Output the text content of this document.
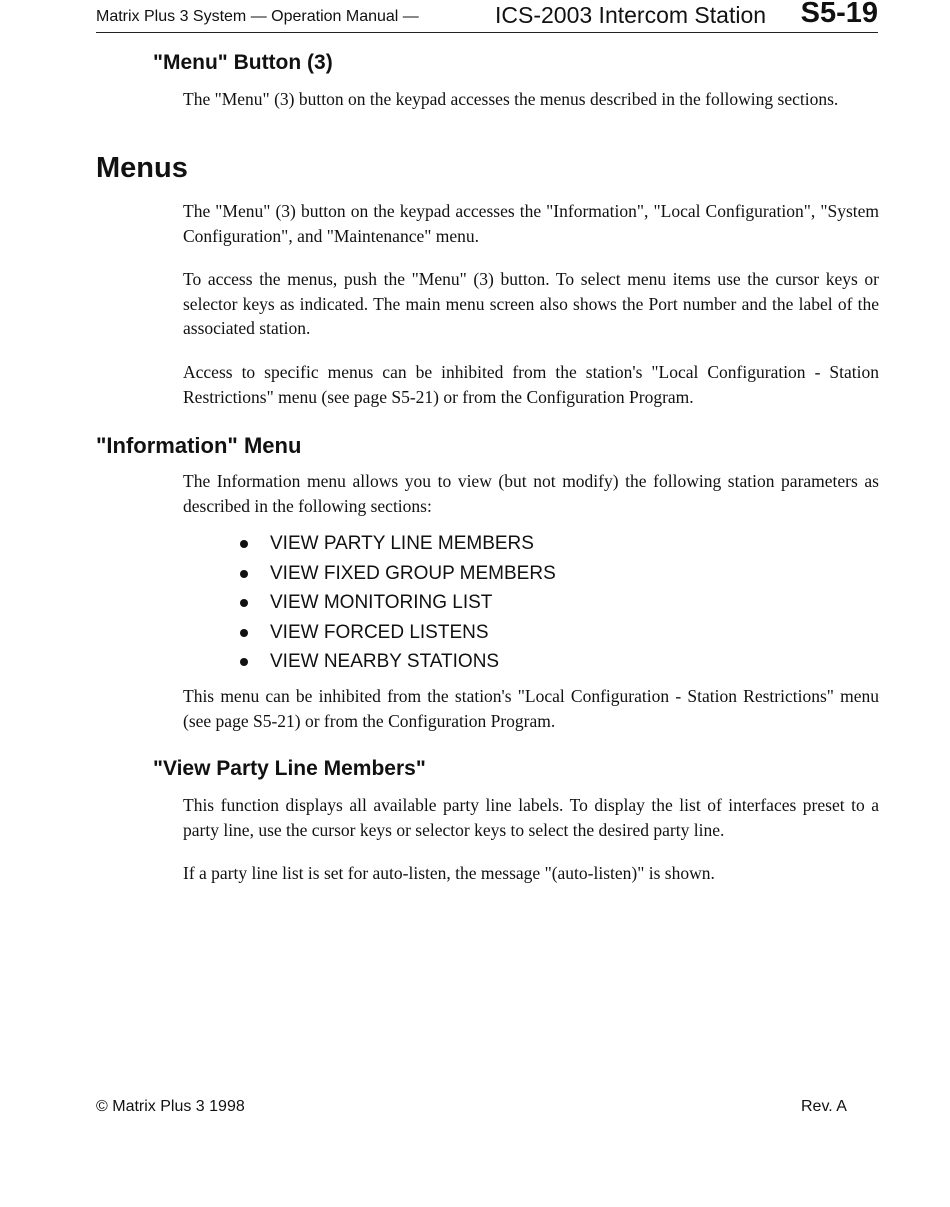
Matrix Plus 3 System — Operation Manual —	ICS-2003 Intercom Station S5-19
"Menu" Button (3)

The "Menu" (3) button on the keypad accesses the menus described in the following sections.

Menus

The "Menu" (3) button on the keypad accesses the "Information", "Local Configuration", "System Configuration", and "Maintenance" menu.

To access the menus, push the "Menu" (3) button. To select menu items use the cursor keys or selector keys as indicated. The main menu screen also shows the Port number and the label of the associated station.

Access to specific menus can be inhibited from the station's "Local Configuration - Station Restrictions" menu (see page S5-21) or from the Configuration Program.

"Information" Menu

The Information menu allows you to view (but not modify) the following station parameters as described in the following sections:

VIEW PARTY LINE MEMBERS
VIEW FIXED GROUP MEMBERS
VIEW MONITORING LIST
VIEW FORCED LISTENS
VIEW NEARBY STATIONS

This menu can be inhibited from the station's "Local Configuration - Station Restrictions" menu (see page S5-21) or from the Configuration Program.

"View Party Line Members"

This function displays all available party line labels. To display the list of interfaces preset to a party line, use the cursor keys or selector keys to select the desired party line.

If a party line list is set for auto-listen, the message "(auto-listen)" is shown.

© Matrix Plus 3 1998	Rev. A
